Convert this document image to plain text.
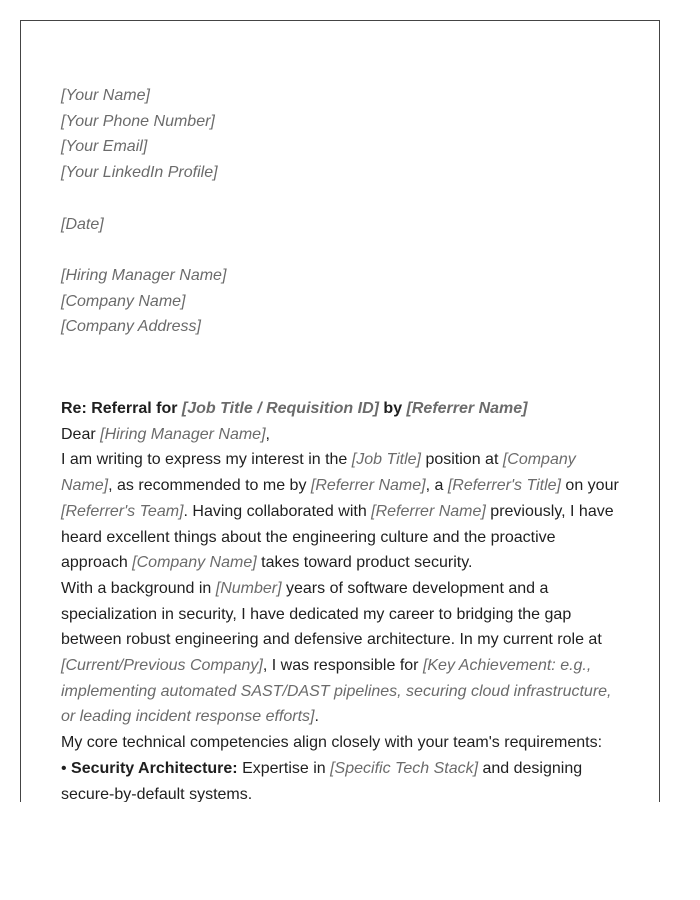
[Your Name]
[Your Phone Number]
[Your Email]
[Your LinkedIn Profile]
[Date]
[Hiring Manager Name]
[Company Name]
[Company Address]

Re: Referral for [Job Title / Requisition ID] by [Referrer Name]

Dear [Hiring Manager Name],

I am writing to express my interest in the [Job Title] position at [Company Name], as recommended to me by [Referrer Name], a [Referrer's Title] on your [Referrer's Team]. Having collaborated with [Referrer Name] previously, I have heard excellent things about the engineering culture and the proactive approach [Company Name] takes toward product security.

With a background in [Number] years of software development and a specialization in security, I have dedicated my career to bridging the gap between robust engineering and defensive architecture. In my current role at [Current/Previous Company], I was responsible for [Key Achievement: e.g., implementing automated SAST/DAST pipelines, securing cloud infrastructure, or leading incident response efforts].

My core technical competencies align closely with your team's requirements:

• Security Architecture: Expertise in [Specific Tech Stack] and designing secure-by-default systems.
